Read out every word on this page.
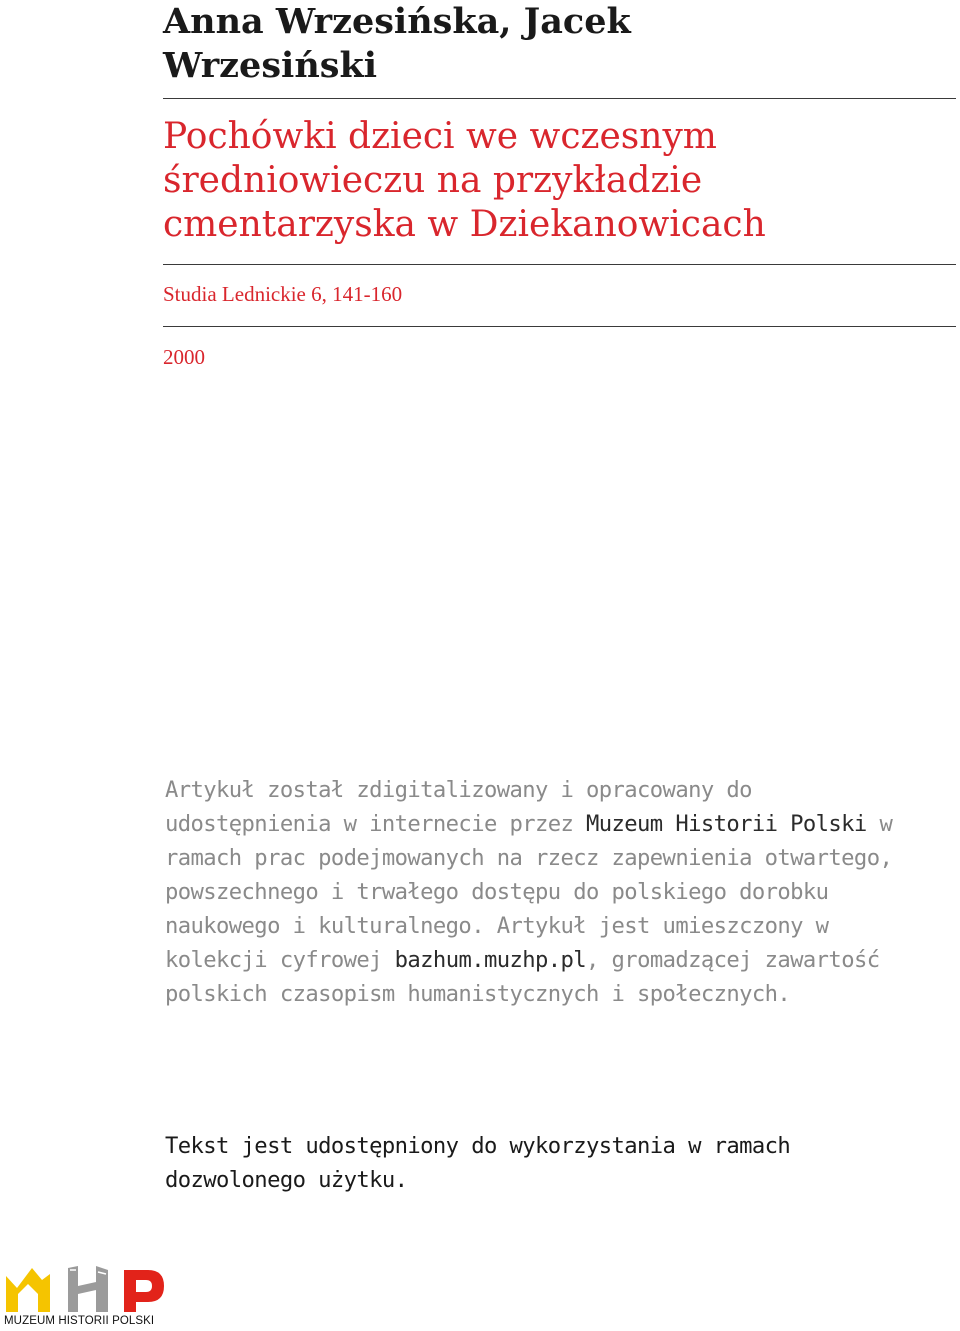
Anna Wrzesińska, Jacek Wrzesiński
Pochówki dzieci we wczesnym średniowieczu na przykładzie cmentarzyska w Dziekanowicach
Studia Lednickie 6, 141-160
2000

Artykuł został zdigitalizowany i opracowany do udostępnienia w internecie przez Muzeum Historii Polski w ramach prac podejmowanych na rzecz zapewnienia otwartego, powszechnego i trwałego dostępu do polskiego dorobku naukowego i kulturalnego. Artykuł jest umieszczony w kolekcji cyfrowej bazhum.muzhp.pl, gromadzącej zawartość polskich czasopism humanistycznych i społecznych.

Tekst jest udostępniony do wykorzystania w ramach dozwolonego użytku.

MUZEUM HISTORII POLSKI
